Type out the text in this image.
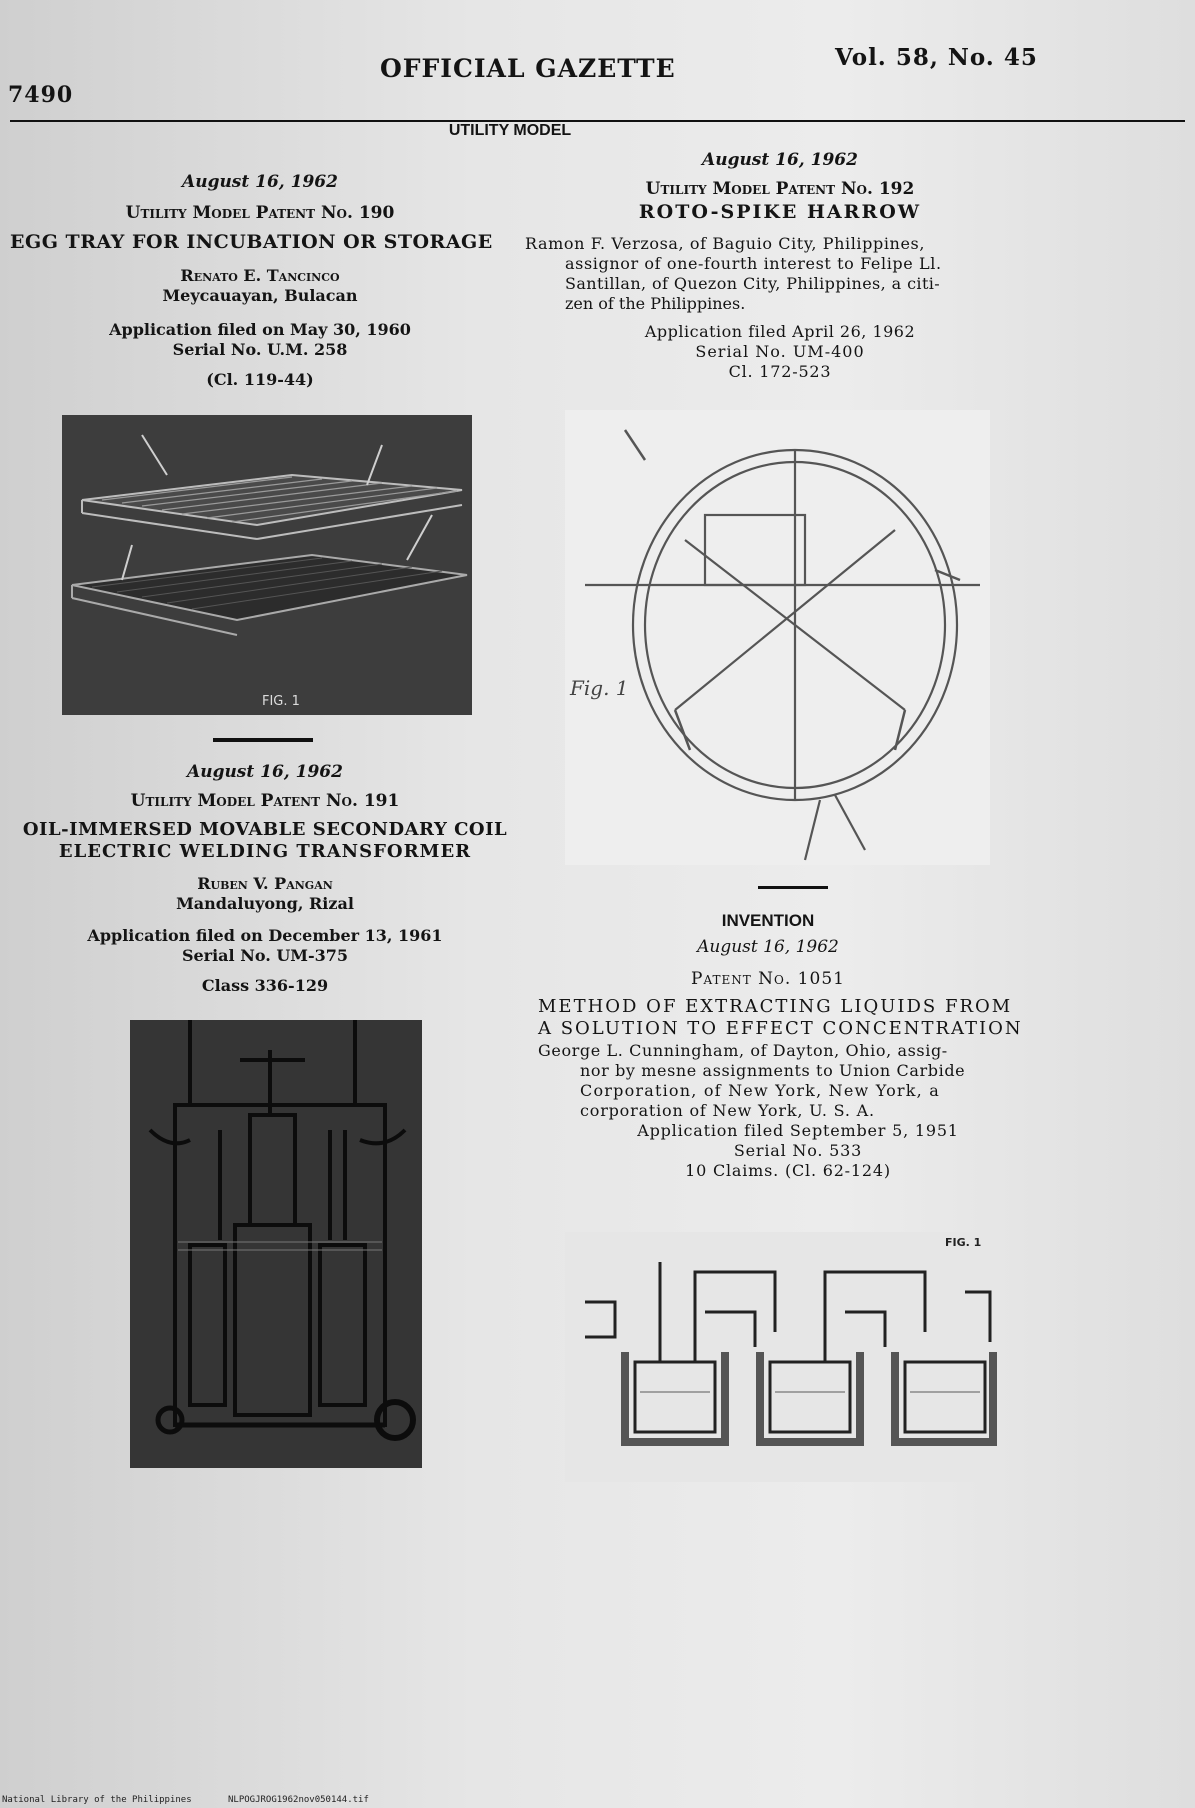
7490
OFFICIAL GAZETTE	Vol. 58, No. 45
UTILITY MODEL
August 16, 1962
Utility Model Patent No. 190
EGG TRAY FOR INCUBATION OR STORAGE
Renato E. Tancinco
Meycauayan, Bulacan
Application filed on May 30, 1960
Serial No. U.M. 258
(Cl. 119-44)
FIG. 1
August 16, 1962
Utility Model Patent No. 191
OIL-IMMERSED MOVABLE SECONDARY COIL
ELECTRIC WELDING TRANSFORMER
Ruben V. Pangan
Mandaluyong, Rizal
Application filed on December 13, 1961
Serial No. UM-375
Class 336-129
August 16, 1962
Utility Model Patent No. 192
ROTO-SPIKE HARROW
Ramon F. Verzosa, of Baguio City, Philippines,
assignor of one-fourth interest to Felipe Ll.
Santillan, of Quezon City, Philippines, a citi-
zen of the Philippines.
Application filed April 26, 1962
Serial No. UM-400
Cl. 172-523
Fig. 1
INVENTION
August 16, 1962
Patent No. 1051
METHOD OF EXTRACTING LIQUIDS FROM
A SOLUTION TO EFFECT CONCENTRATION
George L. Cunningham, of Dayton, Ohio, assig-
nor by mesne assignments to Union Carbide
Corporation, of New York, New York, a
corporation of New York, U. S. A.
Application filed September 5, 1951
Serial No. 533
10 Claims. (Cl. 62-124)
FIG. 1
National Library of the Philippines	NLPOGJROG1962nov050144.tif
